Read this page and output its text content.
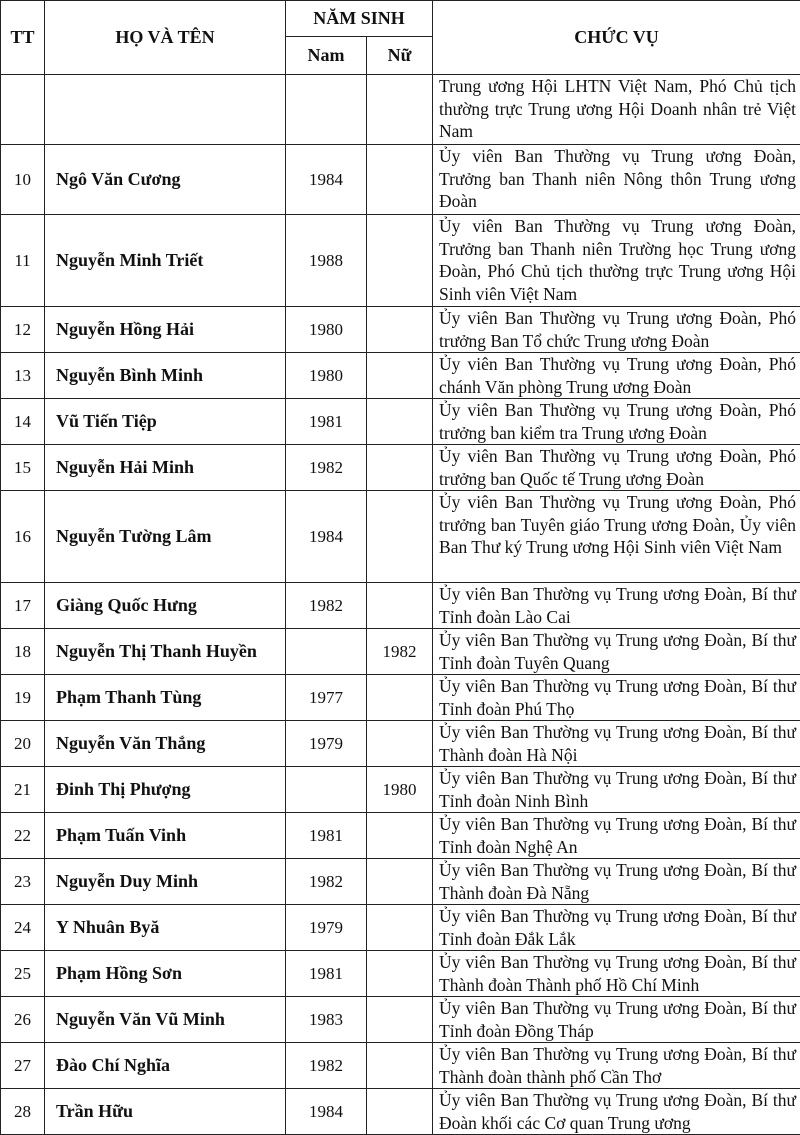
TT	HỌ VÀ TÊN	NĂM SINH		CHỨC VỤ
		Nam	Nữ	
				Trung ương Hội LHTN Việt Nam, Phó Chủ tịch thường trực Trung ương Hội Doanh nhân trẻ Việt Nam
10	Ngô Văn Cương	1984		Ủy viên Ban Thường vụ Trung ương Đoàn, Trưởng ban Thanh niên Nông thôn Trung ương Đoàn
11	Nguyễn Minh Triết	1988		Ủy viên Ban Thường vụ Trung ương Đoàn, Trưởng ban Thanh niên Trường học Trung ương Đoàn, Phó Chủ tịch thường trực Trung ương Hội Sinh viên Việt Nam
12	Nguyễn Hồng Hải	1980		Ủy viên Ban Thường vụ Trung ương Đoàn, Phó trưởng Ban Tổ chức Trung ương Đoàn
13	Nguyễn Bình Minh	1980		Ủy viên Ban Thường vụ Trung ương Đoàn, Phó chánh Văn phòng Trung ương Đoàn
14	Vũ Tiến Tiệp	1981		Ủy viên Ban Thường vụ Trung ương Đoàn, Phó trưởng ban kiểm tra Trung ương Đoàn
15	Nguyễn Hải Minh	1982		Ủy viên Ban Thường vụ Trung ương Đoàn, Phó trưởng ban Quốc tế Trung ương Đoàn
16	Nguyễn Tường Lâm	1984		Ủy viên Ban Thường vụ Trung ương Đoàn, Phó trưởng ban Tuyên giáo Trung ương Đoàn, Ủy viên Ban Thư ký Trung ương Hội Sinh viên Việt Nam
17	Giàng Quốc Hưng	1982		Ủy viên Ban Thường vụ Trung ương Đoàn, Bí thư Tỉnh đoàn Lào Cai
18	Nguyễn Thị Thanh Huyền		1982	Ủy viên Ban Thường vụ Trung ương Đoàn, Bí thư Tỉnh đoàn Tuyên Quang
19	Phạm Thanh Tùng	1977		Ủy viên Ban Thường vụ Trung ương Đoàn, Bí thư Tỉnh đoàn Phú Thọ
20	Nguyễn Văn Thắng	1979		Ủy viên Ban Thường vụ Trung ương Đoàn, Bí thư Thành đoàn Hà Nội
21	Đinh Thị Phượng		1980	Ủy viên Ban Thường vụ Trung ương Đoàn, Bí thư Tỉnh đoàn Ninh Bình
22	Phạm Tuấn Vinh	1981		Ủy viên Ban Thường vụ Trung ương Đoàn, Bí thư Tỉnh đoàn Nghệ An
23	Nguyễn Duy Minh	1982		Ủy viên Ban Thường vụ Trung ương Đoàn, Bí thư Thành đoàn Đà Nẵng
24	Y Nhuân Byă	1979		Ủy viên Ban Thường vụ Trung ương Đoàn, Bí thư Tỉnh đoàn Đắk Lắk
25	Phạm Hồng Sơn	1981		Ủy viên Ban Thường vụ Trung ương Đoàn, Bí thư Thành đoàn Thành phố Hồ Chí Minh
26	Nguyễn Văn Vũ Minh	1983		Ủy viên Ban Thường vụ Trung ương Đoàn, Bí thư Tỉnh đoàn Đồng Tháp
27	Đào Chí Nghĩa	1982		Ủy viên Ban Thường vụ Trung ương Đoàn, Bí thư Thành đoàn thành phố Cần Thơ
28	Trần Hữu	1984		Ủy viên Ban Thường vụ Trung ương Đoàn, Bí thư Đoàn khối các Cơ quan Trung ương
